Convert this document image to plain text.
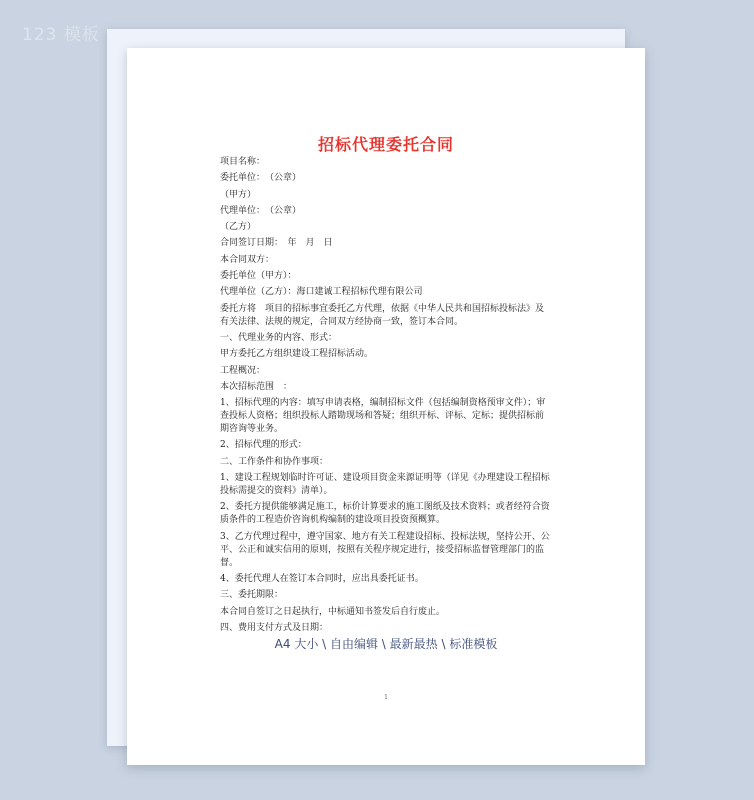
123 模板
招标代理委托合同

项目名称：

委托单位：　（公章）

（甲方）

代理单位：　（公章）

（乙方）

合同签订日期：　年　月　日

本合同双方：

委托单位（甲方）：

代理单位（乙方）：海口建诚工程招标代理有限公司

委托方将　项目的招标事宜委托乙方代理，依据《中华人民共和国招标投标法》及有关法律、法规的规定，合同双方经协商一致，签订本合同。

一、代理业务的内容、形式：

甲方委托乙方组织建设工程招标活动。

工程概况：

本次招标范围　：

1、招标代理的内容：填写申请表格，编制招标文件（包括编制资格预审文件）；审查投标人资格；组织投标人踏勘现场和答疑；组织开标、评标、定标；提供招标前期咨询等业务。

2、招标代理的形式：

二、工作条件和协作事项：

1、建设工程规划临时许可证、建设项目资金来源证明等（详见《办理建设工程招标投标需提交的资料》清单）。

2、委托方提供能够满足施工，标价计算要求的施工图纸及技术资料；或者经符合资质条件的工程造价咨询机构编制的建设项目投资预概算。

3、乙方代理过程中，遵守国家、地方有关工程建设招标、投标法规，坚持公开、公平、公正和诚实信用的原则，按照有关程序规定进行，接受招标监督管理部门的监督。

4、委托代理人在签订本合同时，应出具委托证书。

三、委托期限：

本合同自签订之日起执行，中标通知书签发后自行废止。

四、费用支付方式及日期：

A4 大小 \ 自由编辑 \ 最新最热 \ 标准模板
1
